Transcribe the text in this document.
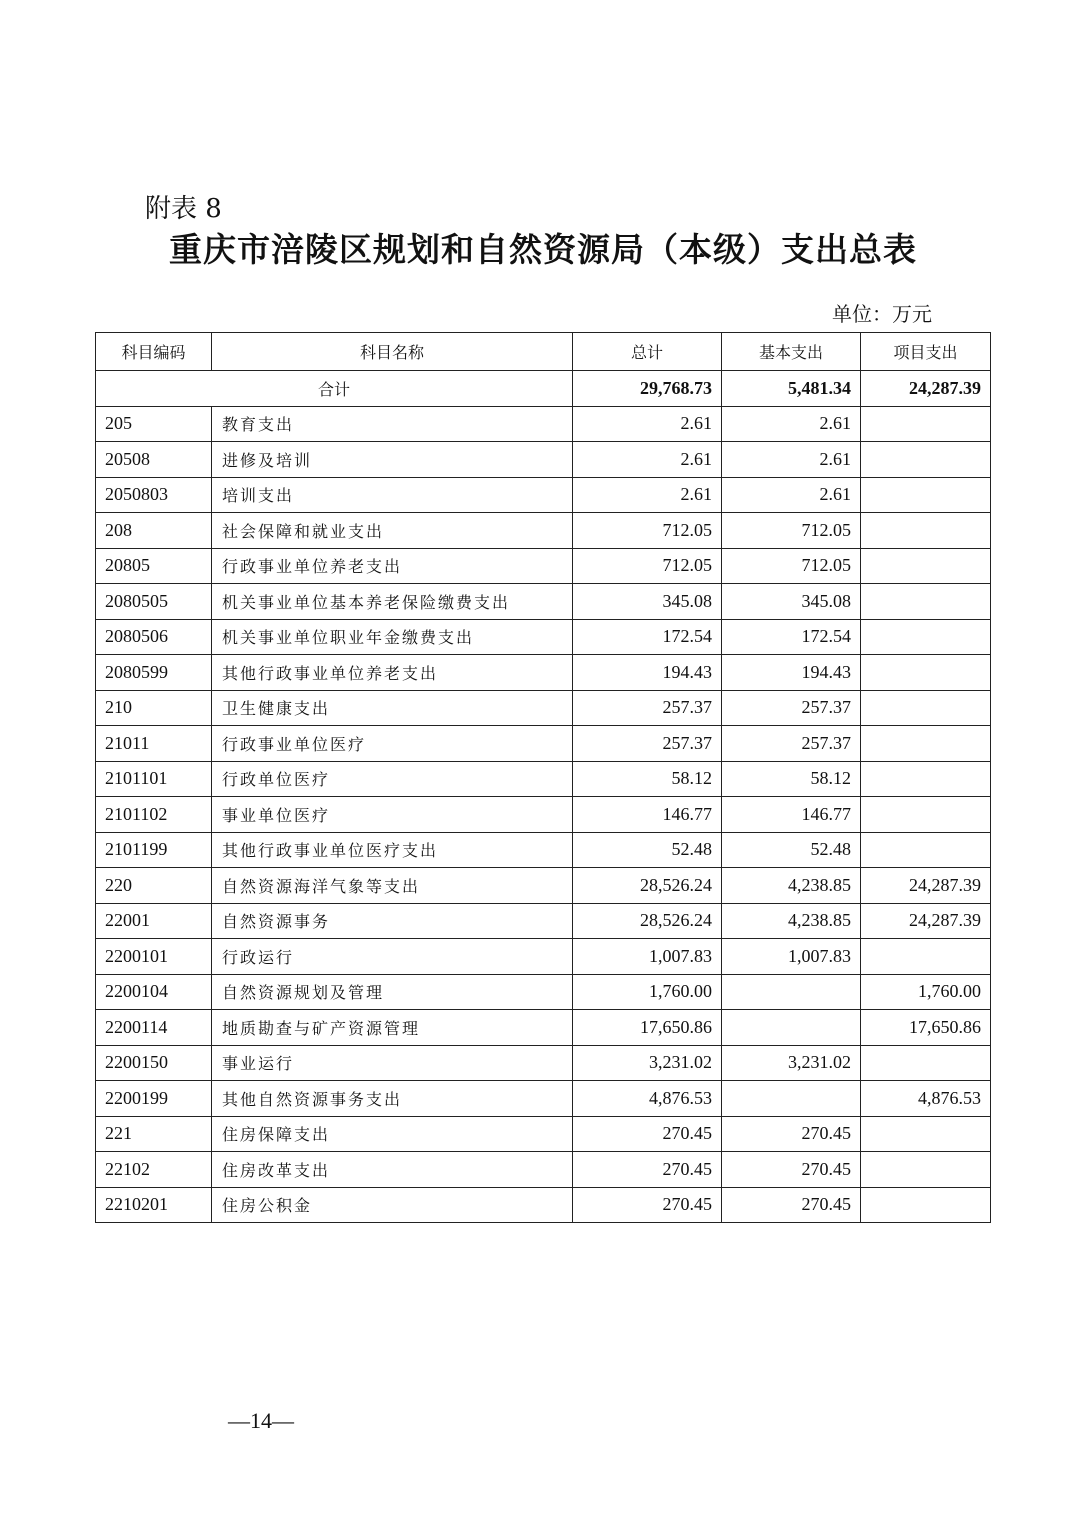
附表 8
重庆市涪陵区规划和自然资源局（本级）支出总表
单位：万元
科目编码	科目名称	总计	基本支出	项目支出
合计		29,768.73	5,481.34	24,287.39
205	教育支出	2.61	2.61	
20508	进修及培训	2.61	2.61	
2050803	培训支出	2.61	2.61	
208	社会保障和就业支出	712.05	712.05	
20805	行政事业单位养老支出	712.05	712.05	
2080505	机关事业单位基本养老保险缴费支出	345.08	345.08	
2080506	机关事业单位职业年金缴费支出	172.54	172.54	
2080599	其他行政事业单位养老支出	194.43	194.43	
210	卫生健康支出	257.37	257.37	
21011	行政事业单位医疗	257.37	257.37	
2101101	行政单位医疗	58.12	58.12	
2101102	事业单位医疗	146.77	146.77	
2101199	其他行政事业单位医疗支出	52.48	52.48	
220	自然资源海洋气象等支出	28,526.24	4,238.85	24,287.39
22001	自然资源事务	28,526.24	4,238.85	24,287.39
2200101	行政运行	1,007.83	1,007.83	
2200104	自然资源规划及管理	1,760.00		1,760.00
2200114	地质勘查与矿产资源管理	17,650.86		17,650.86
2200150	事业运行	3,231.02	3,231.02	
2200199	其他自然资源事务支出	4,876.53		4,876.53
221	住房保障支出	270.45	270.45	
22102	住房改革支出	270.45	270.45	
2210201	住房公积金	270.45	270.45	
—14—
